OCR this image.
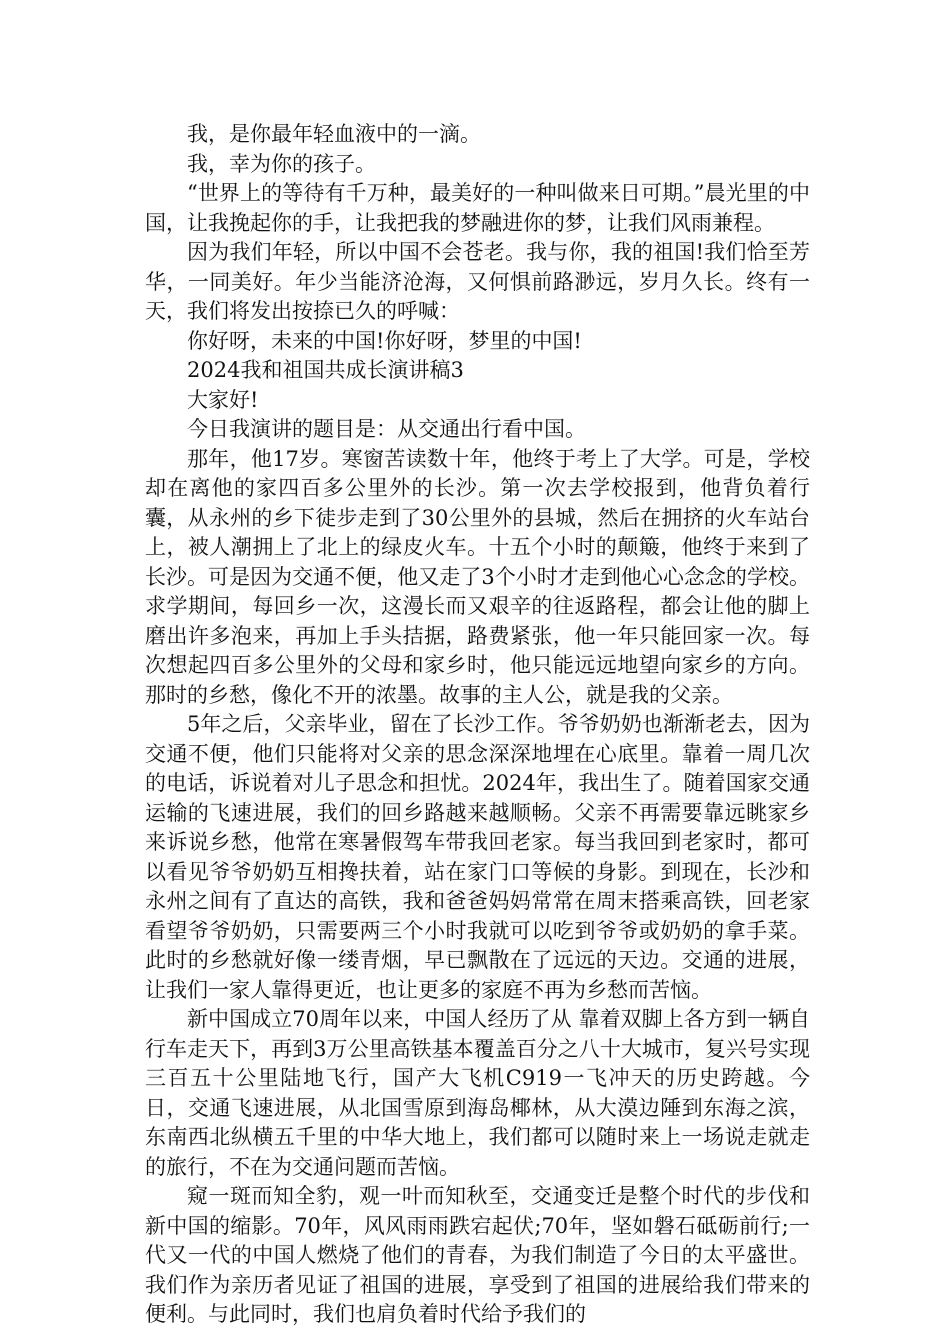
我，是你最年轻血液中的一滴。

我，幸为你的孩子。

“世界上的等待有千万种，最美好的一种叫做来日可期。”晨光里的中国，让我挽起你的手，让我把我的梦融进你的梦，让我们风雨兼程。

因为我们年轻，所以中国不会苍老。我与你，我的祖国!我们恰至芳华，一同美好。年少当能济沧海，又何惧前路渺远，岁月久长。终有一天，我们将发出按捺已久的呼喊：

你好呀，未来的中国!你好呀，梦里的中国!

2024我和祖国共成长演讲稿3

大家好!

今日我演讲的题目是：从交通出行看中国。

那年，他17岁。寒窗苦读数十年，他终于考上了大学。可是，学校却在离他的家四百多公里外的长沙。第一次去学校报到，他背负着行囊，从永州的乡下徒步走到了30公里外的县城，然后在拥挤的火车站台上，被人潮拥上了北上的绿皮火车。十五个小时的颠簸，他终于来到了长沙。可是因为交通不便，他又走了3个小时才走到他心心念念的学校。求学期间，每回乡一次，这漫长而又艰辛的往返路程，都会让他的脚上磨出许多泡来，再加上手头拮据，路费紧张，他一年只能回家一次。每次想起四百多公里外的父母和家乡时，他只能远远地望向家乡的方向。那时的乡愁，像化不开的浓墨。故事的主人公，就是我的父亲。

5年之后，父亲毕业，留在了长沙工作。爷爷奶奶也渐渐老去，因为交通不便，他们只能将对父亲的思念深深地埋在心底里。靠着一周几次的电话，诉说着对儿子思念和担忧。2024年，我出生了。随着国家交通运输的飞速进展，我们的回乡路越来越顺畅。父亲不再需要靠远眺家乡来诉说乡愁，他常在寒暑假驾车带我回老家。每当我回到老家时，都可以看见爷爷奶奶互相搀扶着，站在家门口等候的身影。到现在，长沙和永州之间有了直达的高铁，我和爸爸妈妈常常在周末搭乘高铁，回老家看望爷爷奶奶，只需要两三个小时我就可以吃到爷爷或奶奶的拿手菜。此时的乡愁就好像一缕青烟，早已飘散在了远远的天边。交通的进展，让我们一家人靠得更近，也让更多的家庭不再为乡愁而苦恼。

新中国成立70周年以来，中国人经历了从 靠着双脚上各方到一辆自行车走天下，再到3万公里高铁基本覆盖百分之八十大城市，复兴号实现三百五十公里陆地飞行，国产大飞机C919一飞冲天的历史跨越。今日，交通飞速进展，从北国雪原到海岛椰林，从大漠边陲到东海之滨，东南西北纵横五千里的中华大地上，我们都可以随时来上一场说走就走的旅行，不在为交通问题而苦恼。

窥一斑而知全豹，观一叶而知秋至，交通变迁是整个时代的步伐和新中国的缩影。70年，风风雨雨跌宕起伏;70年，坚如磐石砥砺前行;一代又一代的中国人燃烧了他们的青春，为我们制造了今日的太平盛世。我们作为亲历者见证了祖国的进展，享受到了祖国的进展给我们带来的便利。与此同时，我们也肩负着时代给予我们的
